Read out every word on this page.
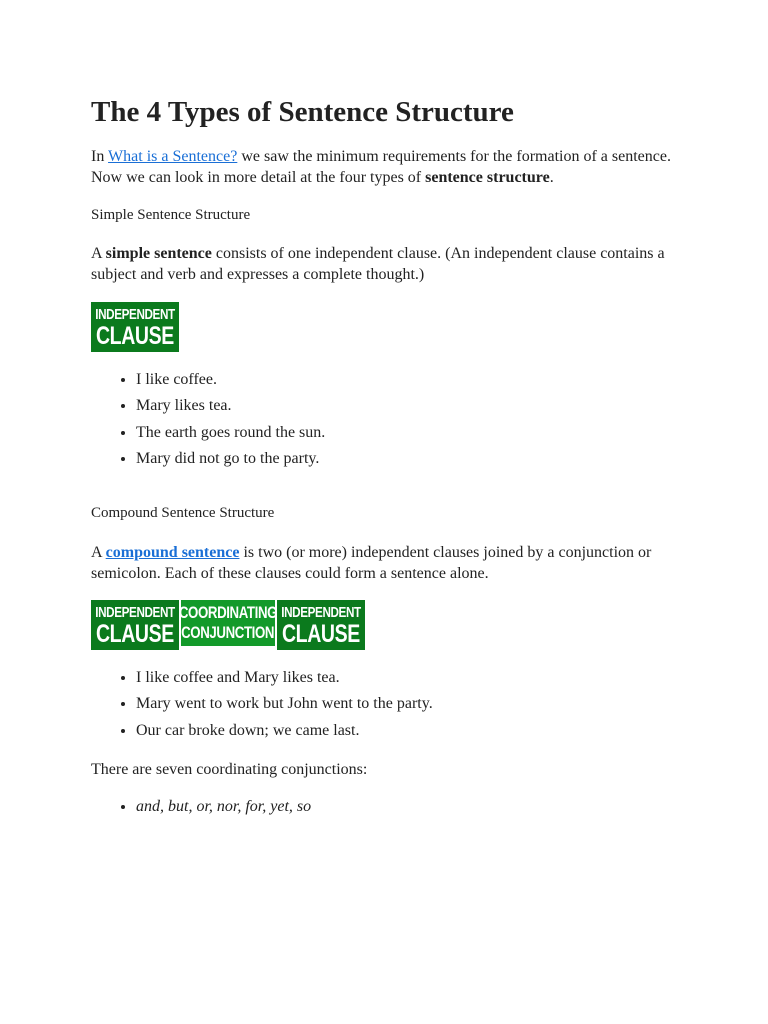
The 4 Types of Sentence Structure

In What is a Sentence? we saw the minimum requirements for the formation of a sentence. Now we can look in more detail at the four types of sentence structure.

Simple Sentence Structure

A simple sentence consists of one independent clause. (An independent clause contains a subject and verb and expresses a complete thought.)

INDEPENDENT
CLAUSE
• I like coffee.
• Mary likes tea.
• The earth goes round the sun.
• Mary did not go to the party.

Compound Sentence Structure

A compound sentence is two (or more) independent clauses joined by a conjunction or semicolon. Each of these clauses could form a sentence alone.

INDEPENDENT
CLAUSE
COORDINATING
CONJUNCTION
INDEPENDENT
CLAUSE
• I like coffee and Mary likes tea.
• Mary went to work but John went to the party.
• Our car broke down; we came last.

There are seven coordinating conjunctions:

• and, but, or, nor, for, yet, so
